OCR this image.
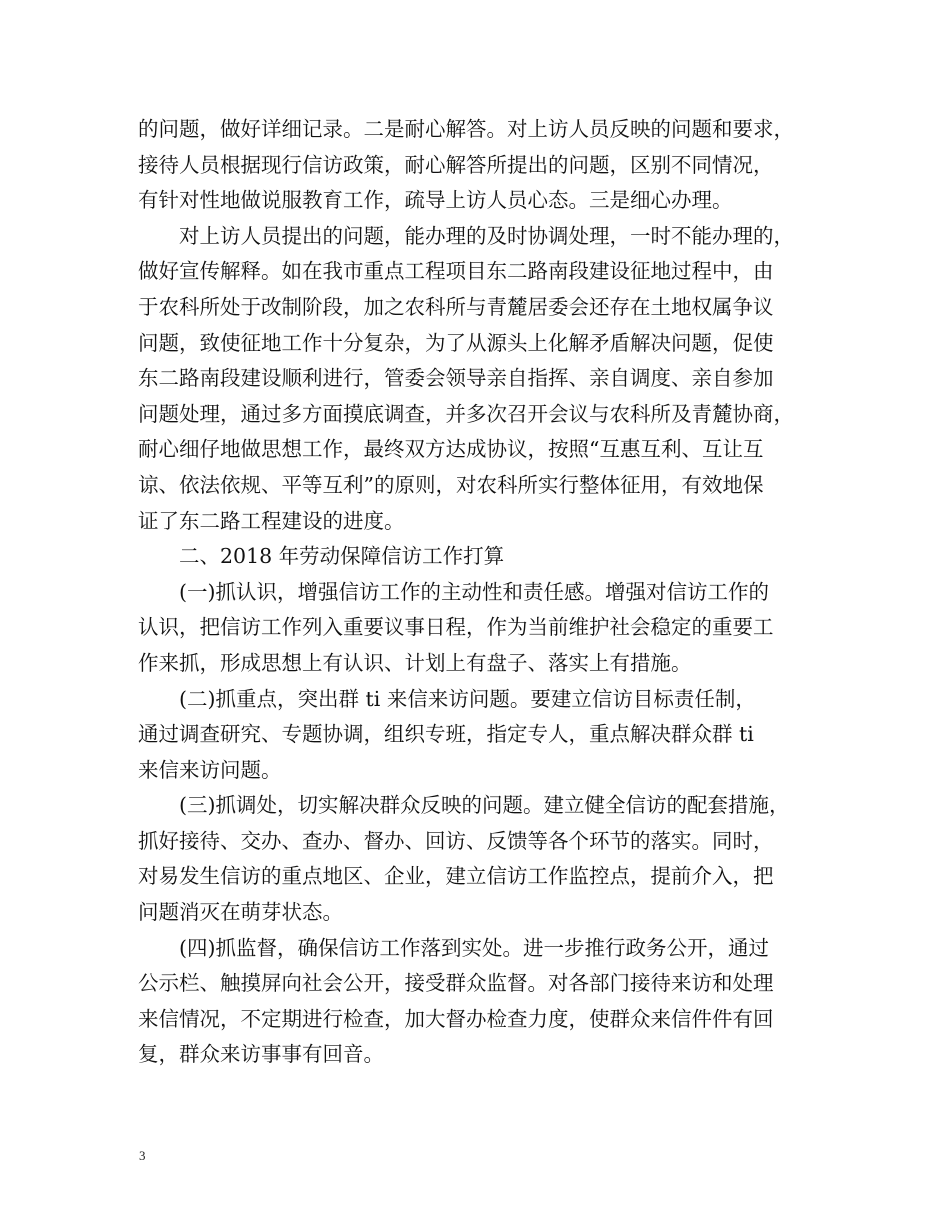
的问题，做好详细记录。二是耐心解答。对上访人员反映的问题和要求，
接待人员根据现行信访政策，耐心解答所提出的问题，区别不同情况，
有针对性地做说服教育工作，疏导上访人员心态。三是细心办理。
对上访人员提出的问题，能办理的及时协调处理，一时不能办理的，
做好宣传解释。如在我市重点工程项目东二路南段建设征地过程中，由
于农科所处于改制阶段，加之农科所与青麓居委会还存在土地权属争议
问题，致使征地工作十分复杂，为了从源头上化解矛盾解决问题，促使
东二路南段建设顺利进行，管委会领导亲自指挥、亲自调度、亲自参加
问题处理，通过多方面摸底调查，并多次召开会议与农科所及青麓协商，
耐心细仔地做思想工作，最终双方达成协议，按照“互惠互利、互让互
谅、依法依规、平等互利”的原则，对农科所实行整体征用，有效地保
证了东二路工程建设的进度。
二、2018 年劳动保障信访工作打算
(一)抓认识，增强信访工作的主动性和责任感。增强对信访工作的
认识，把信访工作列入重要议事日程，作为当前维护社会稳定的重要工
作来抓，形成思想上有认识、计划上有盘子、落实上有措施。
(二)抓重点，突出群 ti 来信来访问题。要建立信访目标责任制，
通过调查研究、专题协调，组织专班，指定专人，重点解决群众群 ti
来信来访问题。
(三)抓调处，切实解决群众反映的问题。建立健全信访的配套措施，
抓好接待、交办、查办、督办、回访、反馈等各个环节的落实。同时，
对易发生信访的重点地区、企业，建立信访工作监控点，提前介入，把
问题消灭在萌芽状态。
(四)抓监督，确保信访工作落到实处。进一步推行政务公开，通过
公示栏、触摸屏向社会公开，接受群众监督。对各部门接待来访和处理
来信情况，不定期进行检查，加大督办检查力度，使群众来信件件有回
复，群众来访事事有回音。
3
